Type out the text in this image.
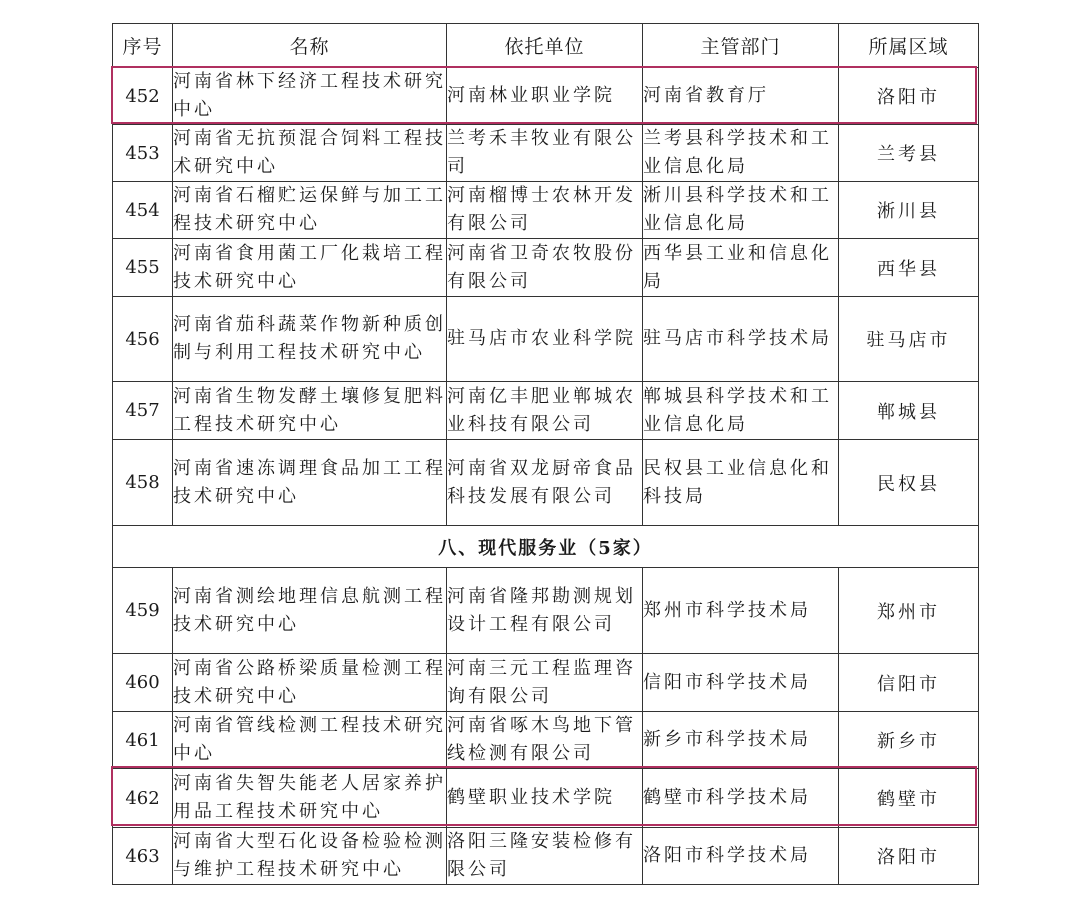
序号	名称	依托单位	主管部门	所属区域
452	河南省林下经济工程技术研究中心	河南林业职业学院	河南省教育厅	洛阳市
453	河南省无抗预混合饲料工程技术研究中心	兰考禾丰牧业有限公司	兰考县科学技术和工业信息化局	兰考县
454	河南省石榴贮运保鲜与加工工程技术研究中心	河南榴博士农林开发有限公司	淅川县科学技术和工业信息化局	淅川县
455	河南省食用菌工厂化栽培工程技术研究中心	河南省卫奇农牧股份有限公司	西华县工业和信息化局	西华县
456	河南省茄科蔬菜作物新种质创制与利用工程技术研究中心	驻马店市农业科学院	驻马店市科学技术局	驻马店市
457	河南省生物发酵土壤修复肥料工程技术研究中心	河南亿丰肥业郸城农业科技有限公司	郸城县科学技术和工业信息化局	郸城县
458	河南省速冻调理食品加工工程技术研究中心	河南省双龙厨帝食品科技发展有限公司	民权县工业信息化和科技局	民权县
八、现代服务业（5家）				
459	河南省测绘地理信息航测工程技术研究中心	河南省隆邦勘测规划设计工程有限公司	郑州市科学技术局	郑州市
460	河南省公路桥梁质量检测工程技术研究中心	河南三元工程监理咨询有限公司	信阳市科学技术局	信阳市
461	河南省管线检测工程技术研究中心	河南省啄木鸟地下管线检测有限公司	新乡市科学技术局	新乡市
462	河南省失智失能老人居家养护用品工程技术研究中心	鹤壁职业技术学院	鹤壁市科学技术局	鹤壁市
463	河南省大型石化设备检验检测与维护工程技术研究中心	洛阳三隆安装检修有限公司	洛阳市科学技术局	洛阳市
